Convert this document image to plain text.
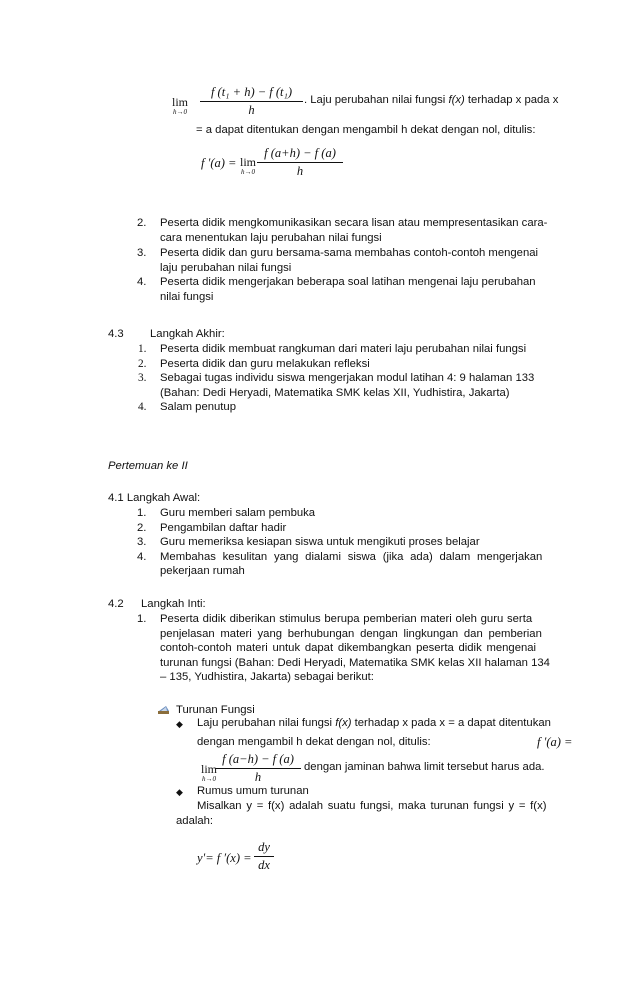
lim
h→0
f (t₁ + h) − f (t₁)
h
. Laju perubahan nilai fungsi f(x) terhadap x pada x
= a dapat ditentukan dengan mengambil h dekat dengan nol, ditulis:
f ′(a) = lim
h→0
f (a+h) − f (a)
h
2. Peserta didik mengkomunikasikan secara lisan atau mempresentasikan cara-
cara menentukan laju perubahan nilai fungsi
3. Peserta didik dan guru bersama-sama membahas contoh-contoh mengenai
laju perubahan nilai fungsi
4. Peserta didik mengerjakan beberapa soal latihan mengenai laju perubahan
nilai fungsi
4.3 Langkah Akhir:
1. Peserta didik membuat rangkuman dari materi laju perubahan nilai fungsi
2. Peserta didik dan guru melakukan refleksi
3. Sebagai tugas individu siswa mengerjakan modul latihan 4: 9 halaman 133
(Bahan: Dedi Heryadi, Matematika SMK kelas XII, Yudhistira, Jakarta)
4. Salam penutup
Pertemuan ke II
4.1 Langkah Awal:
1. Guru memberi salam pembuka
2. Pengambilan daftar hadir
3. Guru memeriksa kesiapan siswa untuk mengikuti proses belajar
4. Membahas kesulitan yang dialami siswa (jika ada) dalam mengerjakan
pekerjaan rumah
4.2 Langkah Inti:
1. Peserta didik diberikan stimulus berupa pemberian materi oleh guru serta
penjelasan materi yang berhubungan dengan lingkungan dan pemberian
contoh-contoh materi untuk dapat dikembangkan peserta didik mengenai
turunan fungsi (Bahan: Dedi Heryadi, Matematika SMK kelas XII halaman 134
– 135, Yudhistira, Jakarta) sebagai berikut:
Turunan Fungsi
◆ Laju perubahan nilai fungsi f(x) terhadap x pada x = a dapat ditentukan
dengan mengambil h dekat dengan nol, ditulis:	f ′(a) =
lim
h→0
f (a−h) − f (a)
h
dengan jaminan bahwa limit tersebut harus ada.
◆ Rumus umum turunan
Misalkan y = f(x) adalah suatu fungsi, maka turunan fungsi y = f(x)
adalah:
y'= f ′(x) =
dy
dx
